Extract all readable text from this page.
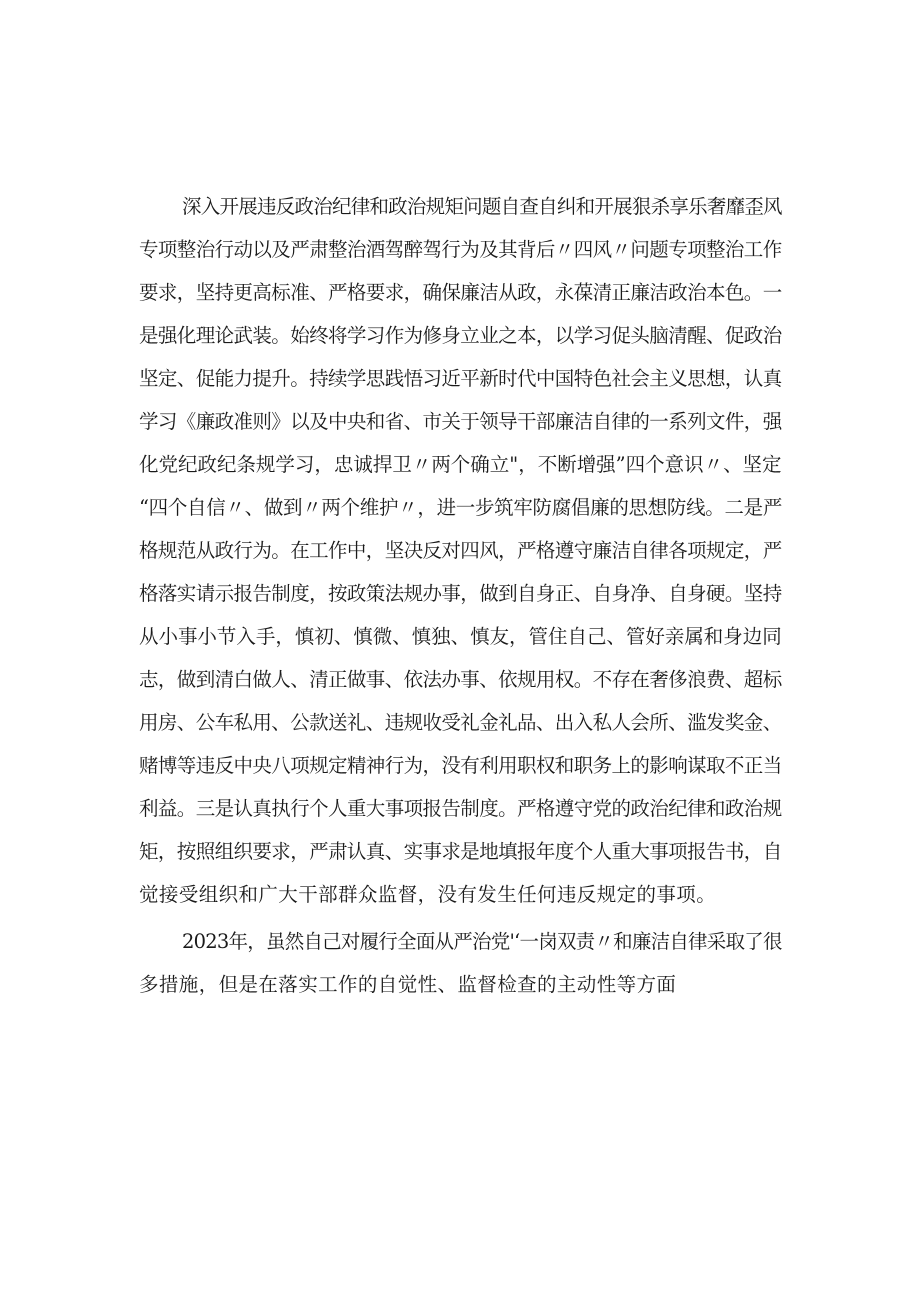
深入开展违反政治纪律和政治规矩问题自查自纠和开展狠杀享乐奢靡歪风
专项整治行动以及严肃整治酒驾醉驾行为及其背后〃四风〃问题专项整治工作
要求，坚持更高标准、严格要求，确保廉洁从政，永葆清正廉洁政治本色。一
是强化理论武装。始终将学习作为修身立业之本，以学习促头脑清醒、促政治
坚定、促能力提升。持续学思践悟习近平新时代中国特色社会主义思想，认真
学习《廉政准则》以及中央和省、市关于领导干部廉洁自律的一系列文件，强
化党纪政纪条规学习，忠诚捍卫〃两个确立"，不断增强”四个意识〃、坚定
“四个自信〃、做到〃两个维护〃，进一步筑牢防腐倡廉的思想防线。二是严
格规范从政行为。在工作中，坚决反对四风，严格遵守廉洁自律各项规定，严
格落实请示报告制度，按政策法规办事，做到自身正、自身净、自身硬。坚持
从小事小节入手，慎初、慎微、慎独、慎友，管住自己、管好亲属和身边同
志，做到清白做人、清正做事、依法办事、依规用权。不存在奢侈浪费、超标
用房、公车私用、公款送礼、违规收受礼金礼品、出入私人会所、滥发奖金、
赌博等违反中央八项规定精神行为，没有利用职权和职务上的影响谋取不正当
利益。三是认真执行个人重大事项报告制度。严格遵守党的政治纪律和政治规
矩，按照组织要求，严肃认真、实事求是地填报年度个人重大事项报告书，自
觉接受组织和广大干部群众监督，没有发生任何违反规定的事项。
2023年，虽然自己对履行全面从严治党'‘一岗双责〃和廉洁自律采取了很
多措施，但是在落实工作的自觉性、监督检查的主动性等方面
